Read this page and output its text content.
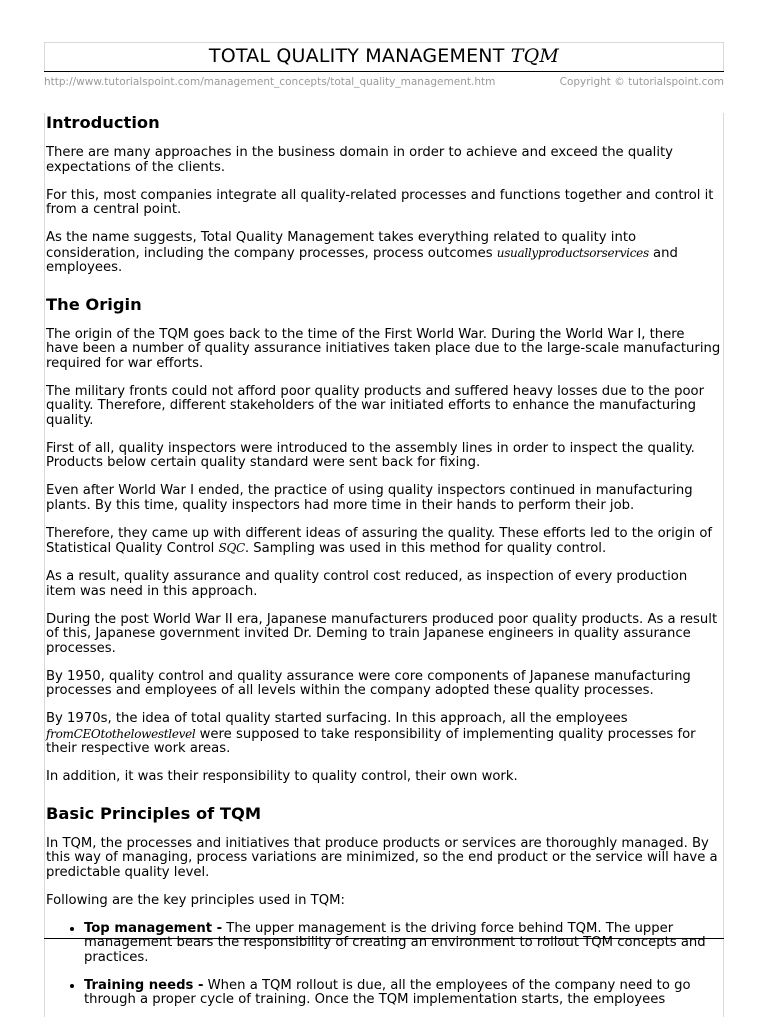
TOTAL QUALITY MANAGEMENT TQM
http://www.tutorialspoint.com/management_concepts/total_quality_management.htm	Copyright © tutorialspoint.com
Introduction

There are many approaches in the business domain in order to achieve and exceed the quality expectations of the clients.

For this, most companies integrate all quality-related processes and functions together and control it from a central point.

As the name suggests, Total Quality Management takes everything related to quality into consideration, including the company processes, process outcomes usuallyproductsorservices and employees.

The Origin

The origin of the TQM goes back to the time of the First World War. During the World War I, there have been a number of quality assurance initiatives taken place due to the large-scale manufacturing required for war efforts.

The military fronts could not afford poor quality products and suffered heavy losses due to the poor quality. Therefore, different stakeholders of the war initiated efforts to enhance the manufacturing quality.

First of all, quality inspectors were introduced to the assembly lines in order to inspect the quality. Products below certain quality standard were sent back for fixing.

Even after World War I ended, the practice of using quality inspectors continued in manufacturing plants. By this time, quality inspectors had more time in their hands to perform their job.

Therefore, they came up with different ideas of assuring the quality. These efforts led to the origin of Statistical Quality Control SQC. Sampling was used in this method for quality control.

As a result, quality assurance and quality control cost reduced, as inspection of every production item was need in this approach.

During the post World War II era, Japanese manufacturers produced poor quality products. As a result of this, Japanese government invited Dr. Deming to train Japanese engineers in quality assurance processes.

By 1950, quality control and quality assurance were core components of Japanese manufacturing processes and employees of all levels within the company adopted these quality processes.

By 1970s, the idea of total quality started surfacing. In this approach, all the employees fromCEOtothelowestlevel were supposed to take responsibility of implementing quality processes for their respective work areas.

In addition, it was their responsibility to quality control, their own work.

Basic Principles of TQM

In TQM, the processes and initiatives that produce products or services are thoroughly managed. By this way of managing, process variations are minimized, so the end product or the service will have a predictable quality level.

Following are the key principles used in TQM:

• Top management - The upper management is the driving force behind TQM. The upper management bears the responsibility of creating an environment to rollout TQM concepts and practices.
• Training needs - When a TQM rollout is due, all the employees of the company need to go through a proper cycle of training. Once the TQM implementation starts, the employees
